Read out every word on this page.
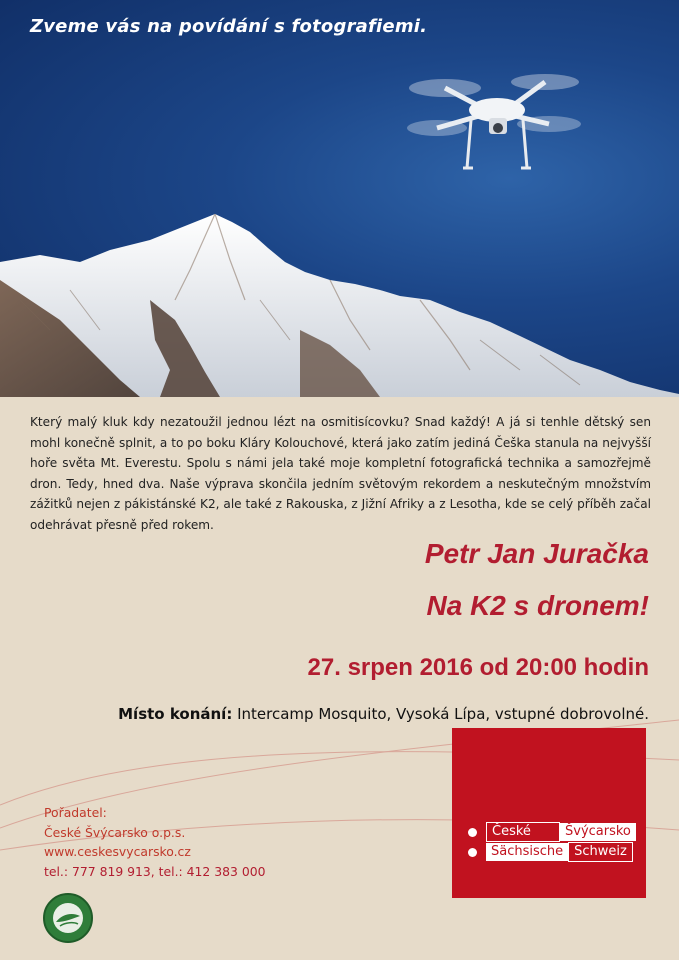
Zveme vás na povídání s fotografiemi.
Který malý kluk kdy nezatoužil jednou lézt na osmitisícovku? Snad každý! A já si tenhle dětský sen mohl konečně splnit, a to po boku Kláry Kolouchové, která jako zatím jediná Češka stanula na nejvyšší hoře světa Mt. Everestu. Spolu s námi jela také moje kompletní fotografická technika a samozřejmě dron. Tedy, hned dva. Naše výprava skončila jedním světovým rekordem a neskutečným množstvím zážitků nejen z pákistánské K2, ale také z Rakouska, z Jižní Afriky a z Lesotha, kde se celý příběh začal odehrávat přesně před rokem.
Petr Jan Juračka
Na K2 s dronem!
27. srpen 2016 od 20:00 hodin
Místo konání: Intercamp Mosquito, Vysoká Lípa, vstupné dobrovolné.
Pořadatel:
České Švýcarsko o.p.s.
www.ceskesvycarsko.cz
tel.: 777 819 913, tel.: 412 383 000
České	Švýcarsko
Sächsische Schweiz
